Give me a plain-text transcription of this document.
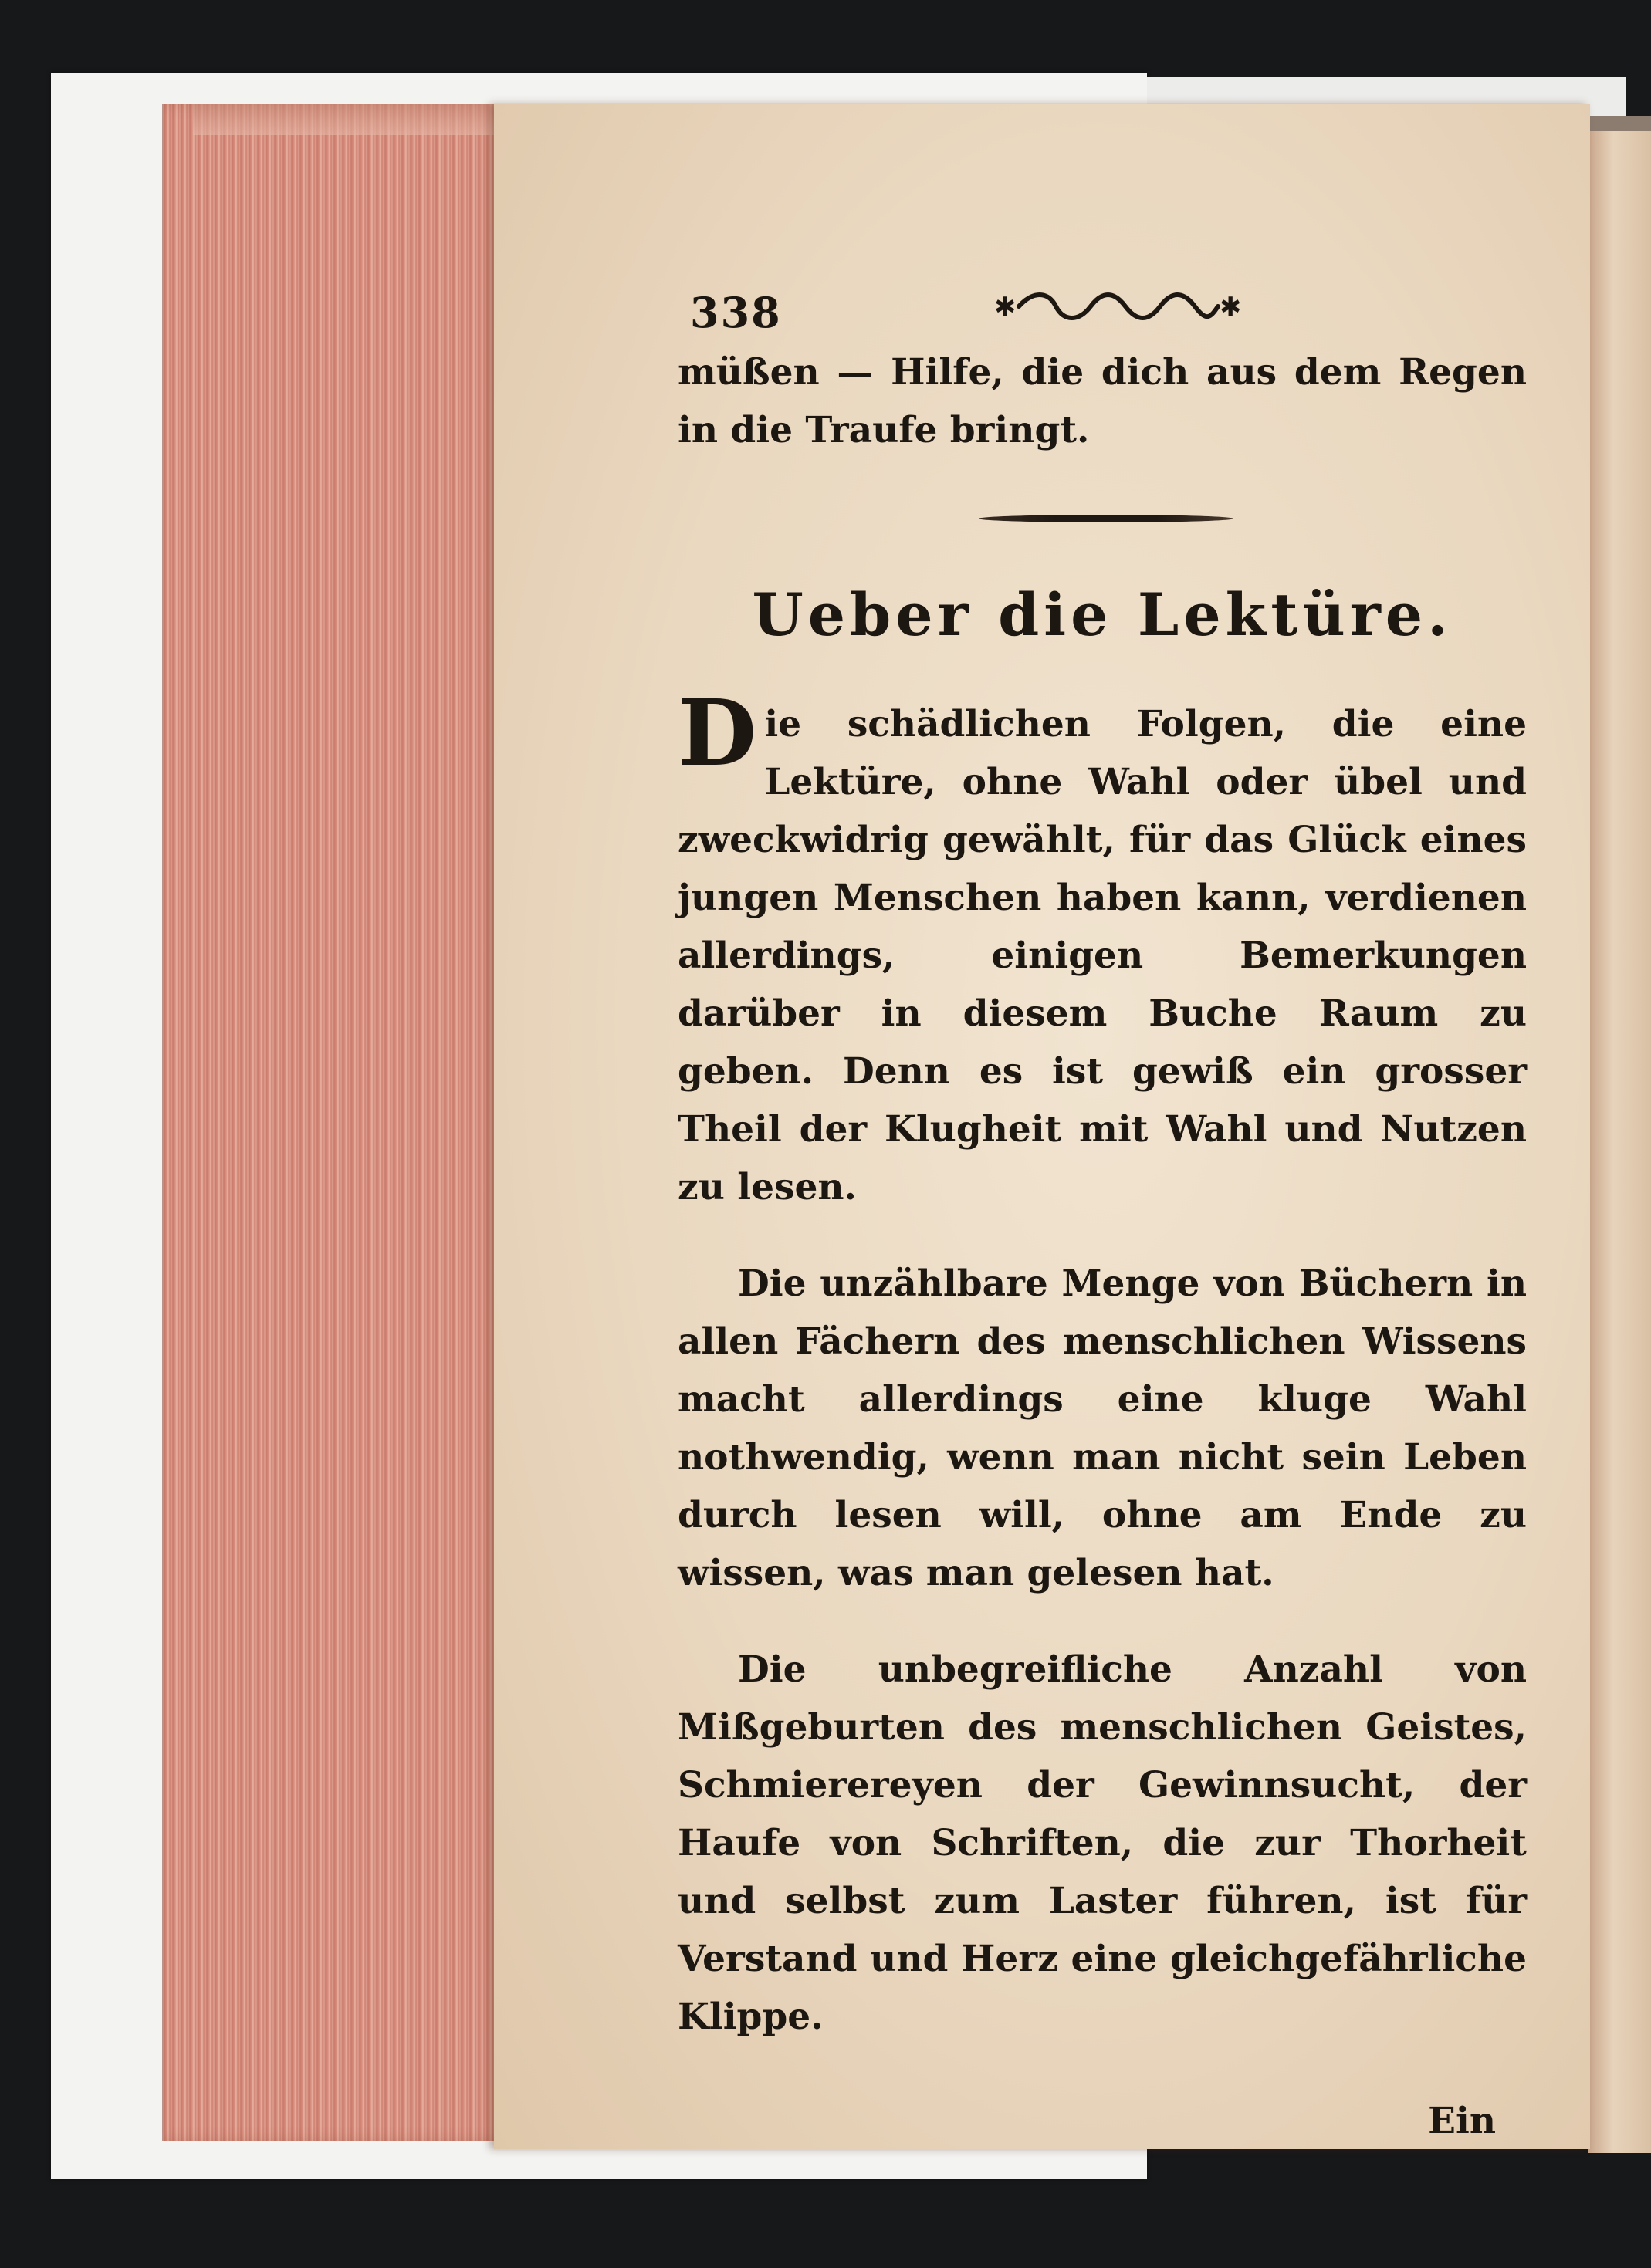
338	✱	✱

müßen — Hilfe, die dich aus dem Regen in die Traufe bringt.

Ueber die Lektüre.

Die schädlichen Folgen, die eine Lektüre, ohne Wahl oder übel und zweckwidrig gewählt, für das Glück eines jungen Menschen haben kann, verdienen allerdings, einigen Bemerkungen darüber in diesem Buche Raum zu geben. Denn es ist gewiß ein grosser Theil der Klugheit mit Wahl und Nutzen zu lesen.

Die unzählbare Menge von Büchern in allen Fächern des menschlichen Wissens macht allerdings eine kluge Wahl nothwendig, wenn man nicht sein Leben durch lesen will, ohne am Ende zu wissen, was man gelesen hat.

Die unbegreifliche Anzahl von Mißgeburten des menschlichen Geistes, Schmierereyen der Gewinnsucht, der Haufe von Schriften, die zur Thorheit und selbst zum Laster führen, ist für Verstand und Herz eine gleichgefährliche Klippe.

Ein
